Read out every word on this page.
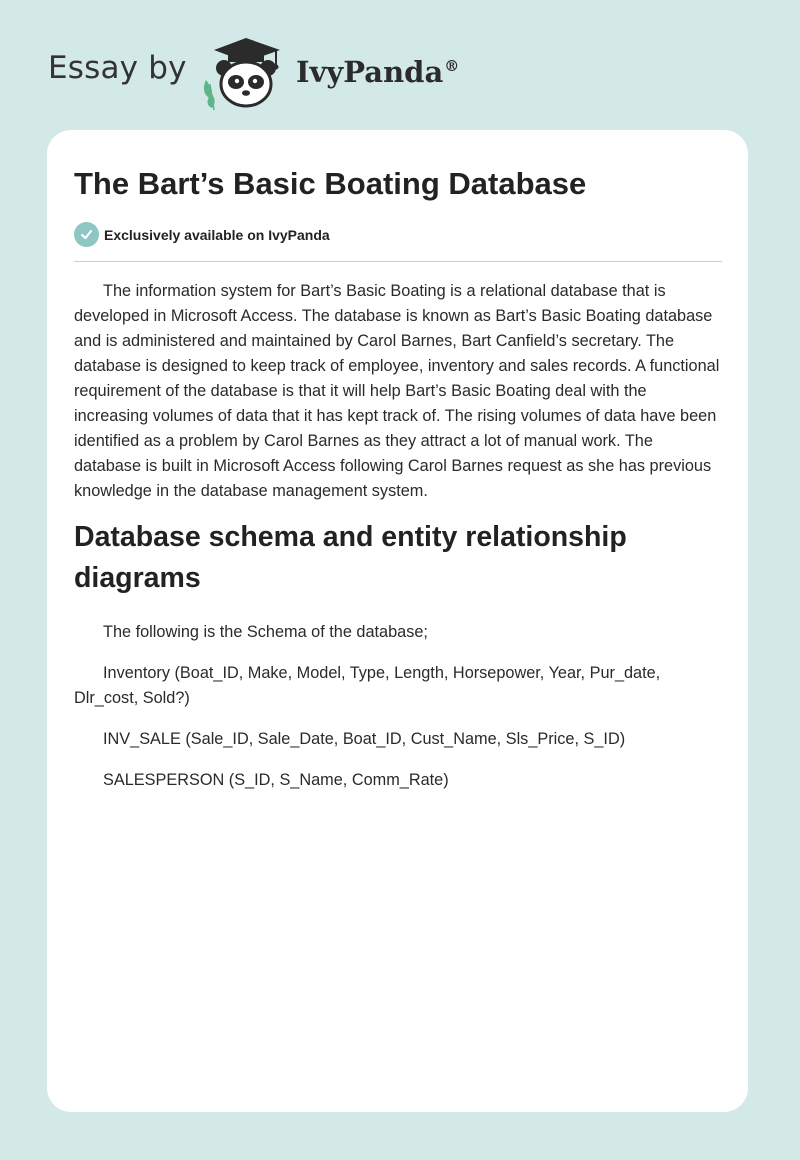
Essay by	IvyPanda®
The Bart’s Basic Boating Database
Exclusively available on IvyPanda

The information system for Bart’s Basic Boating is a relational database that is developed in Microsoft Access. The database is known as Bart’s Basic Boating database and is administered and maintained by Carol Barnes, Bart Canfield’s secretary. The database is designed to keep track of employee, inventory and sales records. A functional requirement of the database is that it will help Bart’s Basic Boating deal with the increasing volumes of data that it has kept track of. The rising volumes of data have been identified as a problem by Carol Barnes as they attract a lot of manual work. The database is built in Microsoft Access following Carol Barnes request as she has previous knowledge in the database management system.

Database schema and entity relationship diagrams

The following is the Schema of the database;

Inventory (Boat_ID, Make, Model, Type, Length, Horsepower, Year, Pur_date, Dlr_cost, Sold?)

INV_SALE (Sale_ID, Sale_Date, Boat_ID, Cust_Name, Sls_Price, S_ID)

SALESPERSON (S_ID, S_Name, Comm_Rate)
